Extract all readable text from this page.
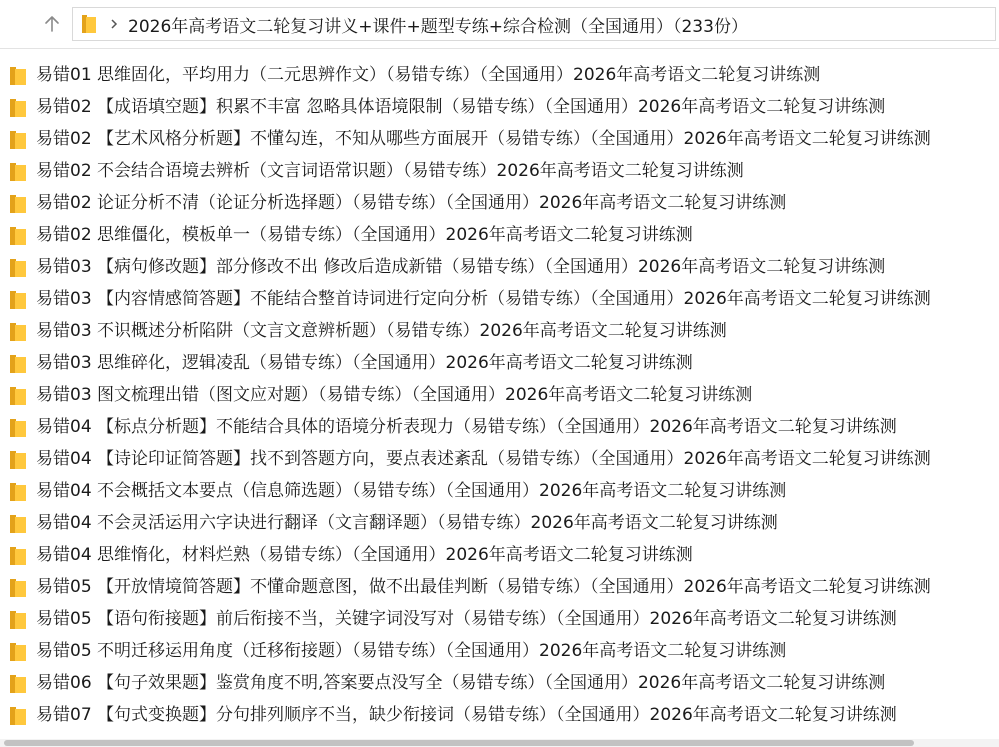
2026年高考语文二轮复习讲义+课件+题型专练+综合检测（全国通用）（233份）
易错01 思维固化，平均用力（二元思辨作文）（易错专练）（全国通用）2026年高考语文二轮复习讲练测
易错02 【成语填空题】积累不丰富 忽略具体语境限制（易错专练）（全国通用）2026年高考语文二轮复习讲练测
易错02 【艺术风格分析题】不懂勾连，不知从哪些方面展开（易错专练）（全国通用）2026年高考语文二轮复习讲练测
易错02 不会结合语境去辨析（文言词语常识题）（易错专练）2026年高考语文二轮复习讲练测
易错02 论证分析不清（论证分析选择题）（易错专练）（全国通用）2026年高考语文二轮复习讲练测
易错02 思维僵化，模板单一（易错专练）（全国通用）2026年高考语文二轮复习讲练测
易错03 【病句修改题】部分修改不出 修改后造成新错（易错专练）（全国通用）2026年高考语文二轮复习讲练测
易错03 【内容情感简答题】不能结合整首诗词进行定向分析（易错专练）（全国通用）2026年高考语文二轮复习讲练测
易错03 不识概述分析陷阱（文言文意辨析题）（易错专练）2026年高考语文二轮复习讲练测
易错03 思维碎化，逻辑凌乱（易错专练）（全国通用）2026年高考语文二轮复习讲练测
易错03 图文梳理出错（图文应对题）（易错专练）（全国通用）2026年高考语文二轮复习讲练测
易错04 【标点分析题】不能结合具体的语境分析表现力（易错专练）（全国通用）2026年高考语文二轮复习讲练测
易错04 【诗论印证简答题】找不到答题方向，要点表述紊乱（易错专练）（全国通用）2026年高考语文二轮复习讲练测
易错04 不会概括文本要点（信息筛选题）（易错专练）（全国通用）2026年高考语文二轮复习讲练测
易错04 不会灵活运用六字诀进行翻译（文言翻译题）（易错专练）2026年高考语文二轮复习讲练测
易错04 思维惰化，材料烂熟（易错专练）（全国通用）2026年高考语文二轮复习讲练测
易错05 【开放情境简答题】不懂命题意图，做不出最佳判断（易错专练）（全国通用）2026年高考语文二轮复习讲练测
易错05 【语句衔接题】前后衔接不当，关键字词没写对（易错专练）（全国通用）2026年高考语文二轮复习讲练测
易错05 不明迁移运用角度（迁移衔接题）（易错专练）（全国通用）2026年高考语文二轮复习讲练测
易错06 【句子效果题】鉴赏角度不明,答案要点没写全（易错专练）（全国通用）2026年高考语文二轮复习讲练测
易错07 【句式变换题】分句排列顺序不当，缺少衔接词（易错专练）（全国通用）2026年高考语文二轮复习讲练测
